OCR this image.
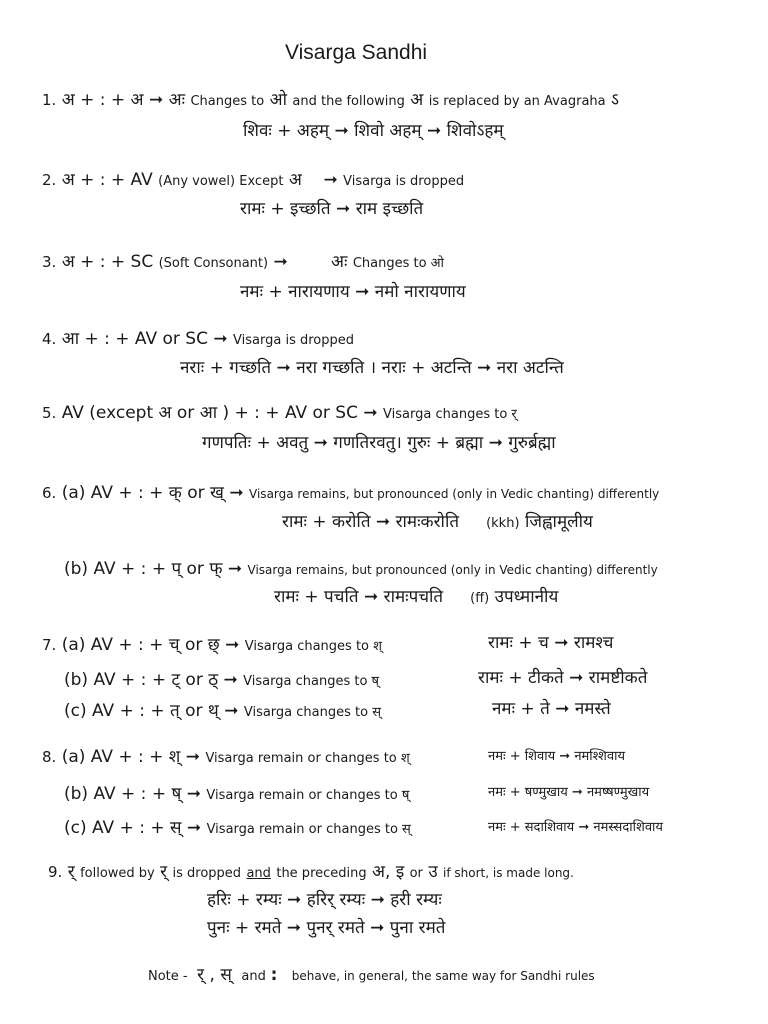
Visarga Sandhi
1. अ + : + अ ➞ अः Changes to ओ and the following अ is replaced by an Avagraha ऽ
शिवः + अहम् ➞ शिवो अहम् ➞ शिवोऽहम्
2. अ + : + AV (Any vowel) Except अ ➞ Visarga is dropped
रामः + इच्छति ➞ राम इच्छति
3. अ + : + SC (Soft Consonant) ➞	अः Changes to ओ
नमः + नारायणाय ➞ नमो नारायणाय
4. आ + : + AV or SC ➞ Visarga is dropped
नराः + गच्छति ➞ नरा गच्छति । नराः + अटन्ति ➞ नरा अटन्ति
5. AV (except अ or आ ) + : + AV or SC ➞ Visarga changes to र्
गणपतिः + अवतु ➞ गणतिरवतु। गुरुः + ब्रह्मा ➞ गुरुर्ब्रह्मा
6. (a) AV + : + क् or ख् ➞ Visarga remains, but pronounced (only in Vedic chanting) differently
रामः + करोति ➞ रामःकरोति (kkh) जिह्वामूलीय
(b) AV + : + प् or फ् ➞ Visarga remains, but pronounced (only in Vedic chanting) differently
रामः + पचति ➞ रामःपचति (ff) उपध्मानीय
7. (a) AV + : + च् or छ् ➞ Visarga changes to श्	रामः + च ➞ रामश्च
(b) AV + : + ट् or ठ् ➞ Visarga changes to ष्	रामः + टीकते ➞ रामष्टीकते
(c) AV + : + त् or थ् ➞ Visarga changes to स्	नमः + ते ➞ नमस्ते
8. (a) AV + : + श् ➞ Visarga remain or changes to श्	नमः + शिवाय ➞ नमश्शिवाय
(b) AV + : + ष् ➞ Visarga remain or changes to ष्	नमः + षण्मुखाय ➞ नमष्षण्मुखाय
(c) AV + : + स् ➞ Visarga remain or changes to स्	नमः + सदाशिवाय ➞ नमस्सदाशिवाय
9. र् followed by र् is dropped and the preceding अ, इ or उ if short, is made long.
हरिः + रम्यः ➞ हरिर् रम्यः ➞ हरी रम्यः
पुनः + रमते ➞ पुनर् रमते ➞ पुना रमते
Note - र् , स् and : behave, in general, the same way for Sandhi rules
